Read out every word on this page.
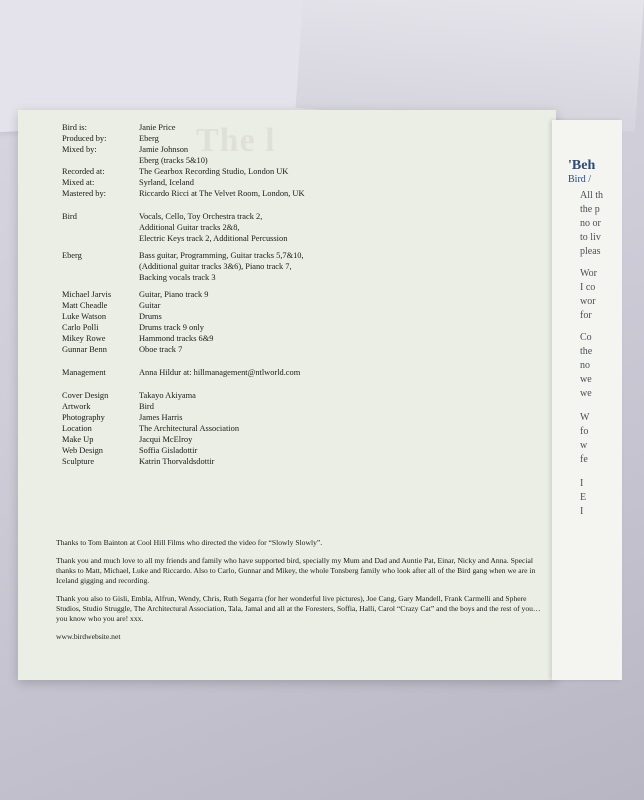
The l
Bird is:	Janie Price
Produced by:	Eberg
Mixed by:	Jamie Johnson
Eberg (tracks 5&10)
Recorded at:	The Gearbox Recording Studio, London UK
Mixed at:	Syrland, Iceland
Mastered by:	Riccardo Ricci at The Velvet Room, London, UK
Bird	Vocals, Cello, Toy Orchestra track 2,
Additional Guitar tracks 2&8,
Electric Keys track 2, Additional Percussion
Eberg	Bass guitar, Programming, Guitar tracks 5,7&10,
(Additional guitar tracks 3&6), Piano track 7,
Backing vocals track 3
Michael Jarvis	Guitar, Piano track 9
Matt Cheadle	Guitar
Luke Watson	Drums
Carlo Polli	Drums track 9 only
Mikey Rowe	Hammond tracks 6&9
Gunnar Benn	Oboe track 7
Management	Anna Hildur at: hillmanagement@ntlworld.com
Cover Design	Takayo Akiyama
Artwork	Bird
Photography	James Harris
Location	The Architectural Association
Make Up	Jacqui McElroy
Web Design	Soffia Gisladottir
Sculpture	Katrin Thorvaldsdottir

Thanks to Tom Bainton at Cool Hill Films who directed the video for “Slowly Slowly”.

Thank you and much love to all my friends and family who have supported bird, specially my Mum and Dad and Auntie Pat, Einar, Nicky and Anna. Special thanks to Matt, Michael, Luke and Riccardo. Also to Carlo, Gunnar and Mikey, the whole Tonsberg family who look after all of the Bird gang when we are in Iceland gigging and recording.

Thank you also to Gisli, Embla, Alfrun, Wendy, Chris, Ruth Segarra (for her wonderful live pictures), Joe Cang, Gary Mandell, Frank Carmelli and Sphere Studios, Studio Struggle, The Architectural Association, Tala, Jamal and all at the Foresters, Soffia, Halli, Carol “Crazy Cat” and the boys and the rest of you…you know who you are! xxx.

www.birdwebsite.net
'Beh
Bird /
All th
the p
no or
to liv
pleas
Wor
I co
wor
for
Co
the
no
we
we
W
fo
w
fe
I
E
I
